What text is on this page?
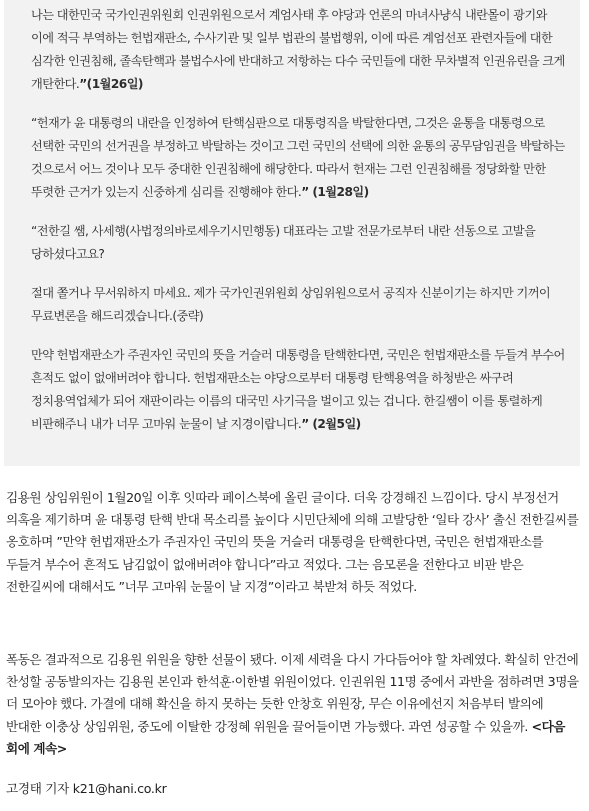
나는 대한민국 국가인권위원회 인권위원으로서 계엄사태 후 야당과 언론의 마녀사냥식 내란몰이 광기와 이에 적극 부역하는 헌법재판소, 수사기관 및 일부 법관의 불법행위, 이에 따른 계엄선포 관련자들에 대한 심각한 인권침해, 졸속탄핵과 불법수사에 반대하고 저항하는 다수 국민들에 대한 무차별적 인권유린을 크게 개탄한다.”(1월26일)

“헌재가 윤 대통령의 내란을 인정하여 탄핵심판으로 대통령직을 박탈한다면, 그것은 윤통을 대통령으로 선택한 국민의 선거권을 부정하고 박탈하는 것이고 그런 국민의 선택에 의한 윤통의 공무담임권을 박탈하는 것으로서 어느 것이나 모두 중대한 인권침해에 해당한다. 따라서 헌재는 그런 인권침해를 정당화할 만한 뚜렷한 근거가 있는지 신중하게 심리를 진행해야 한다.” (1월28일)

“전한길 쌤, 사세행(사법정의바로세우기시민행동) 대표라는 고발 전문가로부터 내란 선동으로 고발을 당하셨다고요?

절대 쫄거나 무서워하지 마세요. 제가 국가인권위원회 상임위원으로서 공직자 신분이기는 하지만 기꺼이 무료변론을 해드리겠습니다.(중략)

만약 헌법재판소가 주권자인 국민의 뜻을 거슬러 대통령을 탄핵한다면, 국민은 헌법재판소를 두들겨 부수어 흔적도 없이 없애버려야 합니다. 헌법재판소는 야당으로부터 대통령 탄핵용역을 하청받은 싸구려 정치용역업체가 되어 재판이라는 이름의 대국민 사기극을 벌이고 있는 겁니다. 한길쌤이 이를 통렬하게 비판해주니 내가 너무 고마워 눈물이 날 지경이랍니다.” (2월5일)

김용원 상임위원이 1월20일 이후 잇따라 페이스북에 올린 글이다. 더욱 강경해진 느낌이다. 당시 부정선거 의혹을 제기하며 윤 대통령 탄핵 반대 목소리를 높이다 시민단체에 의해 고발당한 ‘일타 강사’ 출신 전한길씨를 옹호하며 ”만약 헌법재판소가 주권자인 국민의 뜻을 거슬러 대통령을 탄핵한다면, 국민은 헌법재판소를 두들겨 부수어 흔적도 남김없이 없애버려야 합니다”라고 적었다. 그는 음모론을 전한다고 비판 받은 전한길씨에 대해서도 ”너무 고마워 눈물이 날 지경”이라고 북받쳐 하듯 적었다.

폭동은 결과적으로 김용원 위원을 향한 선물이 됐다. 이제 세력을 다시 가다듬어야 할 차례였다. 확실히 안건에 찬성할 공동발의자는 김용원 본인과 한석훈·이한별 위원이었다. 인권위원 11명 중에서 과반을 점하려면 3명을 더 모아야 했다. 가결에 대해 확신을 하지 못하는 듯한 안창호 위원장, 무슨 이유에선지 처음부터 발의에 반대한 이충상 상임위원, 중도에 이탈한 강정혜 위원을 끌어들이면 가능했다. 과연 성공할 수 있을까. <다음 회에 계속>

고경태 기자 k21@hani.co.kr
